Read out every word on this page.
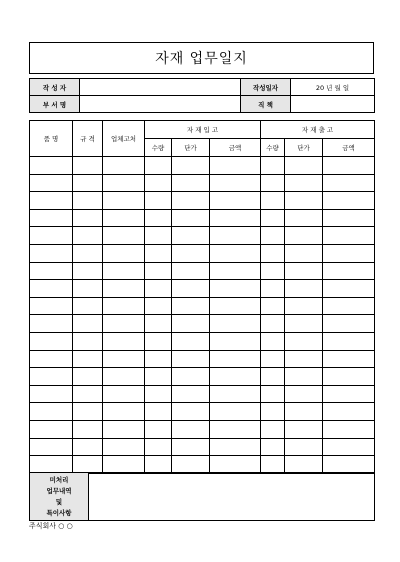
자재 업무일지
작 성 자		작성일자	20 년 월 일
부 서 명		직 책	
품 명	규 격	업체고처	자 재 입 고			자 재 출 고		
			수량	단가	금액	수량	단가	금액

미처리
업무내역
및
특이사항

주식회사 ○ ○
